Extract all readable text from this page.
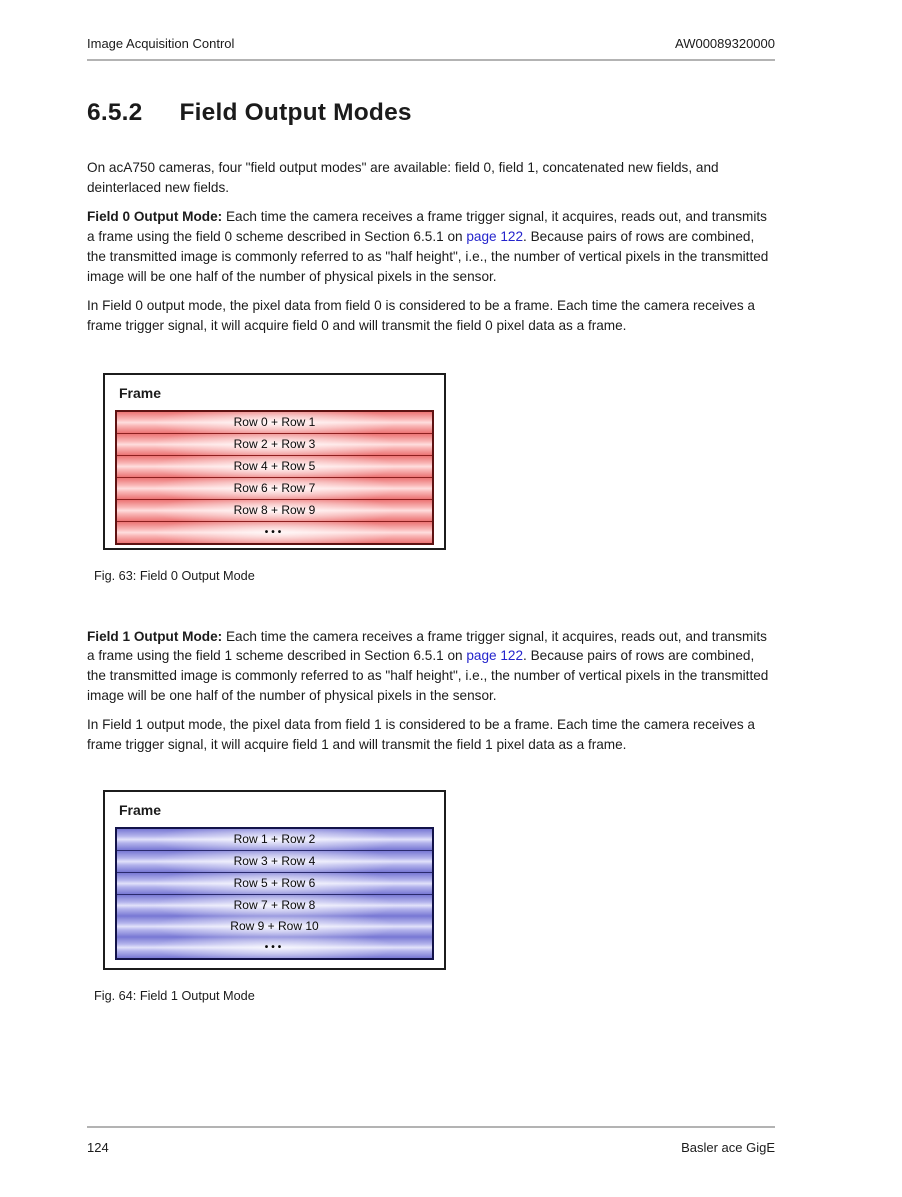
Image Acquisition Control	AW00089320000
6.5.2 Field Output Modes

On acA750 cameras, four "field output modes" are available: field 0, field 1, concatenated new fields, and deinterlaced new fields.

Field 0 Output Mode: Each time the camera receives a frame trigger signal, it acquires, reads out, and transmits a frame using the field 0 scheme described in Section 6.5.1 on page 122. Because pairs of rows are combined, the transmitted image is commonly referred to as "half height", i.e., the number of vertical pixels in the transmitted image will be one half of the number of physical pixels in the sensor.

In Field 0 output mode, the pixel data from field 0 is considered to be a frame. Each time the camera receives a frame trigger signal, it will acquire field 0 and will transmit the field 0 pixel data as a frame.

Frame
Row 0 + Row 1
Row 2 + Row 3
Row 4 + Row 5
Row 6 + Row 7
Row 8 + Row 9
•••
Fig. 63: Field 0 Output Mode

Field 1 Output Mode: Each time the camera receives a frame trigger signal, it acquires, reads out, and transmits a frame using the field 1 scheme described in Section 6.5.1 on page 122. Because pairs of rows are combined, the transmitted image is commonly referred to as "half height", i.e., the number of vertical pixels in the transmitted image will be one half of the number of physical pixels in the sensor.

In Field 1 output mode, the pixel data from field 1 is considered to be a frame. Each time the camera receives a frame trigger signal, it will acquire field 1 and will transmit the field 1 pixel data as a frame.

Frame
Row 1 + Row 2
Row 3 + Row 4
Row 5 + Row 6
Row 7 + Row 8
Row 9 + Row 10
•••
Fig. 64: Field 1 Output Mode
124	Basler ace GigE
